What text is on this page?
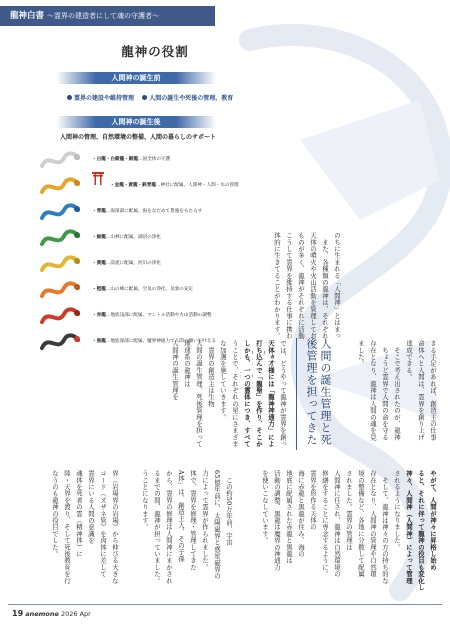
龍神白書 〜霊界の建造者にして魂の守護者〜
龍神の役割
人間神の誕生前
霊界の建設や維持管理	人間の誕生や死後の管理、教育
人間神の誕生後
人間神の管理、自然環境の整備、人間の暮らしのサポート
・白龍・白銀龍・銀龍…国全体の守護
・金龍・黄龍・鉄青龍…神社に配属、人間神・人間・水の管理
・青龍…海深部に配属、海をなだめて豊漁をもたらす
・緑龍…山林に配属、湖沼の浄化
・黄龍…渓流に配属、河川の浄化
・橙龍…山の峰に配属、空気の浄化、気象の安定
・赤龍…地底浅部に配属、マントル活動や火山活動の調整
・黒龍…地底深部に配属、魔界神通力で人間の願いを叶える
のちに生まれる「人間神」とはまっ
　また、各種類の龍神は、それぞれ
天体の噴火や火山活動を管理してお
ものが多く、龍神がそれぞれに活動
こうして霊界を維持する仕事に携わ
体的に生きてることがわかります。
きる手足があれば、創造主の仕事
命体へと人間は、霊界を創り上げ
達成できる。
　そこで考え出されたのが、龍神
　ちょうど霊界で人間の命を守る
存在となり、龍神は人間の魂を見
ました。
人間の誕生管理と死後管理を担ってきた
では、どうやって龍神が霊界を創っ
天体ヵ才様には「龍神神通力」によ
打ち込んで「龍聖」を作り、そこか
しかも、一つの霊体につき、すべて
うことで、それぞれの星にさまざま
な加護を施していきます。
　霊界の創造主は生物
人間の誕生管理、死後管理を担って
地球系の龍神は
人間神の誕生管理を
界（岩場界の岩場）から伸びる大きな
コード（ズザネ管）を肉体に差して
霊界にいる人間の意識を
魂体を死者の霊（精神体）に
陸・天界を渡り、そして死後教育を行
なうのも龍神の役目でした。	　この約50万年前、宇宙
65億年前に、太陽磁界と惑星磁界の
力によって霊界が作られました。
体で、霊界を修理・管理してきた
A体」は、創造主人、その子孫
から、霊界の修理は人間神にまかされ
るまでの間、龍神が担っていました。
うことになります。	やがて、人間が神々に昇格し始め
ると、それに伴って龍神の役目も変化し
神々、人間神（人間神）によって管理
されるようになりました。
　そして、龍神は神々の方の持ち的な
存在となり、人間神の管理や自然環
境の整備など、各地に分散して配属
されました。霊界の管理は
人間神に任され、龍神は自然環境の
修繕をすることに専念するように。
霊界を形作る天体の
海に赤龍と黒龍が住み、海の
地底に配属された赤龍と黒龍は
活動の調整、黒龍は魔界の神通力
を使いこなしています。
19 anemone 2026 Apr
